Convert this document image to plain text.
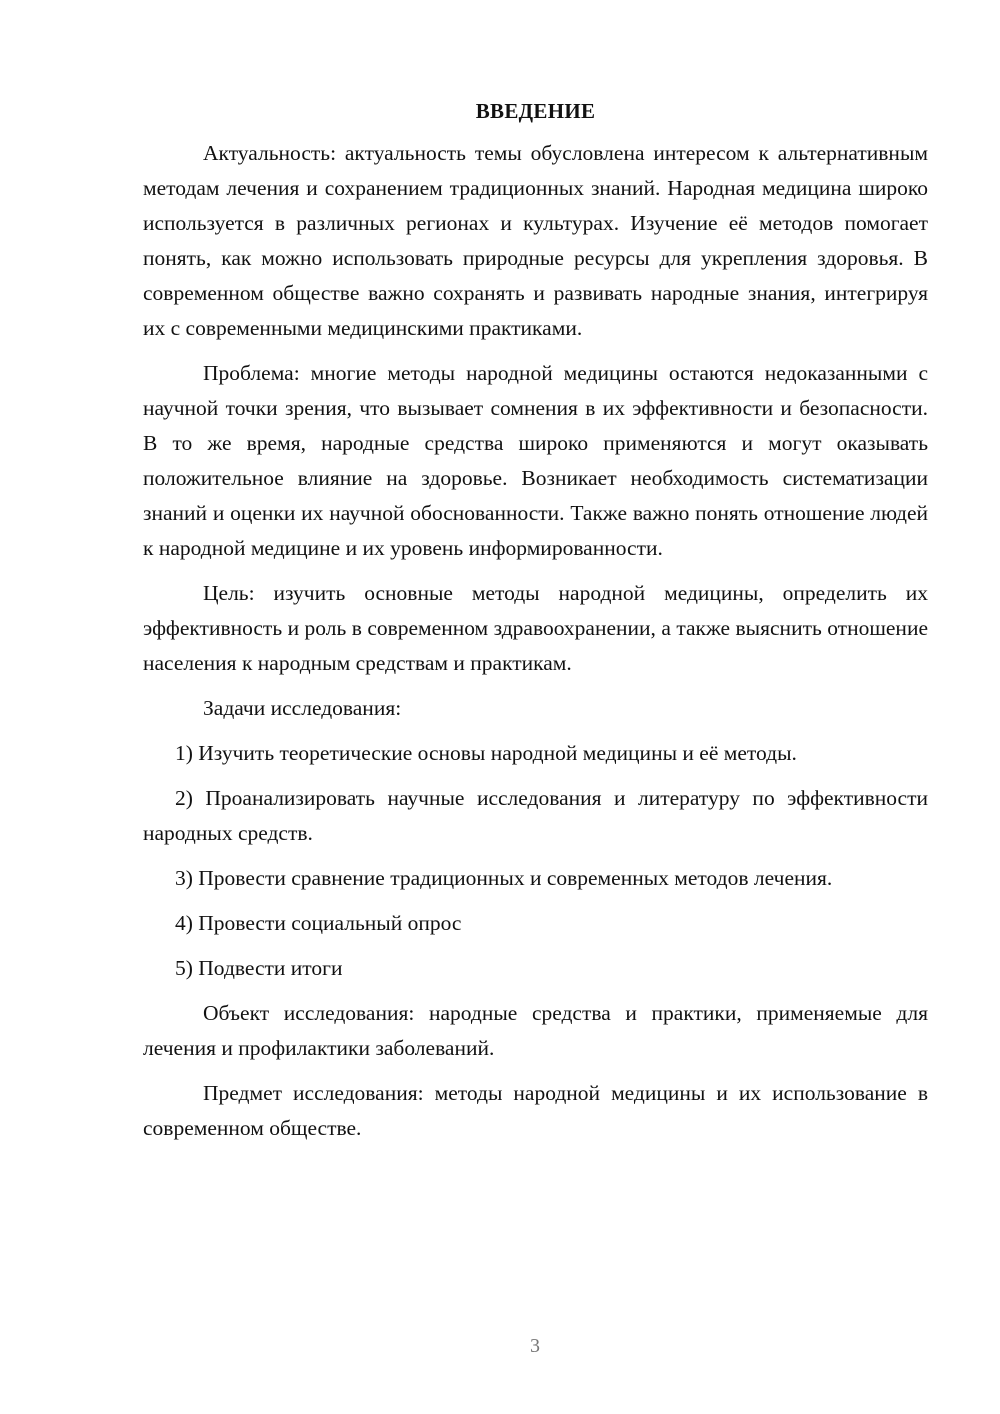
ВВЕДЕНИЕ

Актуальность: актуальность темы обусловлена интересом к альтернативным методам лечения и сохранением традиционных знаний. Народная медицина широко используется в различных регионах и культурах. Изучение её методов помогает понять, как можно использовать природные ресурсы для укрепления здоровья. В современном обществе важно сохранять и развивать народные знания, интегрируя их с современными медицинскими практиками.

Проблема: многие методы народной медицины остаются недоказанными с научной точки зрения, что вызывает сомнения в их эффективности и безопасности. В то же время, народные средства широко применяются и могут оказывать положительное влияние на здоровье. Возникает необходимость систематизации знаний и оценки их научной обоснованности. Также важно понять отношение людей к народной медицине и их уровень информированности.

Цель: изучить основные методы народной медицины, определить их эффективность и роль в современном здравоохранении, а также выяснить отношение населения к народным средствам и практикам.

Задачи исследования:

1) Изучить теоретические основы народной медицины и её методы.

2) Проанализировать научные исследования и литературу по эффективности народных средств.

3) Провести сравнение традиционных и современных методов лечения.

4) Провести социальный опрос

5) Подвести итоги

Объект исследования: народные средства и практики, применяемые для лечения и профилактики заболеваний.

Предмет исследования: методы народной медицины и их использование в современном обществе.

3
